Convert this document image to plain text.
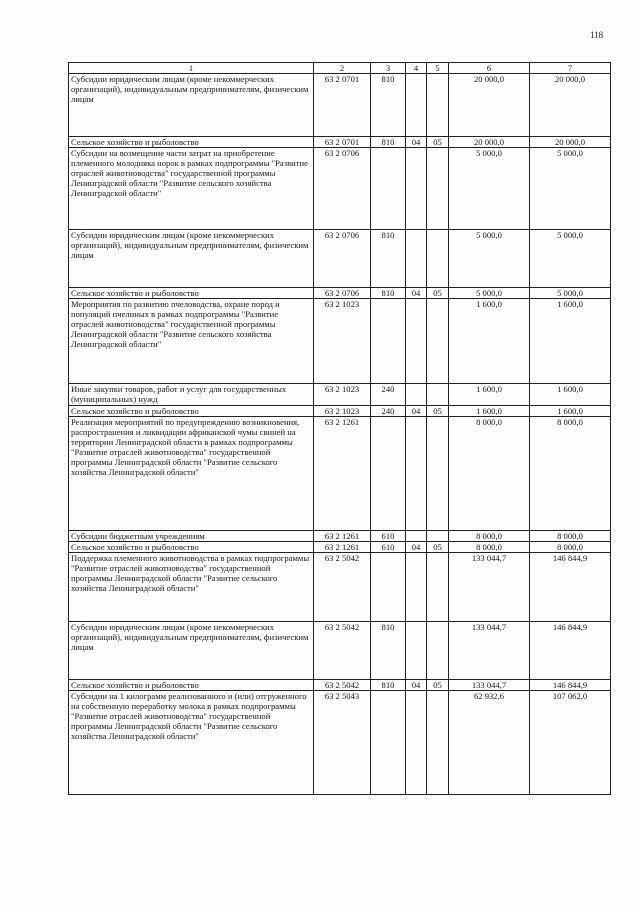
118
1	2	3	4	5	6	7
Субсидии юридическим лицам (кроме некоммерческих организаций), индивидуальным предпринимателям, физическим лицам	63 2 0701	810			20 000,0	20 000,0
Сельское хозяйство и рыболовство	63 2 0701	810	04	05	20 000,0	20 000,0
Субсидии на возмещение части затрат на приобретение племенного молодняка норок в рамках подпрограммы "Развитие отраслей животноводства" государственной программы Ленинградской области "Развитие сельского хозяйства Ленинградской области"	63 2 0706				5 000,0	5 000,0
Субсидии юридическим лицам (кроме некоммерческих организаций), индивидуальным предпринимателям, физическим лицам	63 2 0706	810			5 000,0	5 000,0
Сельское хозяйство и рыболовство	63 2 0706	810	04	05	5 000,0	5 000,0
Мероприятия по развитию пчеловодства, охране пород и популяций пчелиных в рамках подпрограммы "Развитие отраслей животноводства" государственной программы Ленинградской области "Развитие сельского хозяйства Ленинградской области"	63 2 1023				1 600,0	1 600,0
Иные закупки товаров, работ и услуг для государственных (муниципальных) нужд	63 2 1023	240			1 600,0	1 600,0
Сельское хозяйство и рыболовство	63 2 1023	240	04	05	1 600,0	1 600,0
Реализация мероприятий по предупреждению возникновения, распространения и ликвидации африканской чумы свиней на территории Ленинградской области в рамках подпрограммы "Развитие отраслей животноводства" государственной программы Ленинградской области "Развитие сельского хозяйства Ленинградской области"	63 2 1261				8 000,0	8 000,0
Субсидии бюджетным учреждениям	63 2 1261	610			8 000,0	8 000,0
Сельское хозяйство и рыболовство	63 2 1261	610	04	05	8 000,0	8 000,0
Поддержка племенного животноводства в рамках подпрограммы "Развитие отраслей животноводства" государственной программы Ленинградской области "Развитие сельского хозяйства Ленинградской области"	63 2 5042				133 044,7	146 844,9
Субсидии юридическим лицам (кроме некоммерческих организаций), индивидуальным предпринимателям, физическим лицам	63 2 5042	810			133 044,7	146 844,9
Сельское хозяйство и рыболовство	63 2 5042	810	04	05	133 044,7	146 844,9
Субсидии на 1 килограмм реализованного и (или) отгруженного на собственную переработку молока в рамках подпрограммы "Развитие отраслей животноводства" государственной программы Ленинградской области "Развитие сельского хозяйства Ленинградской области"	63 2 5043				62 932,6	107 062,0
